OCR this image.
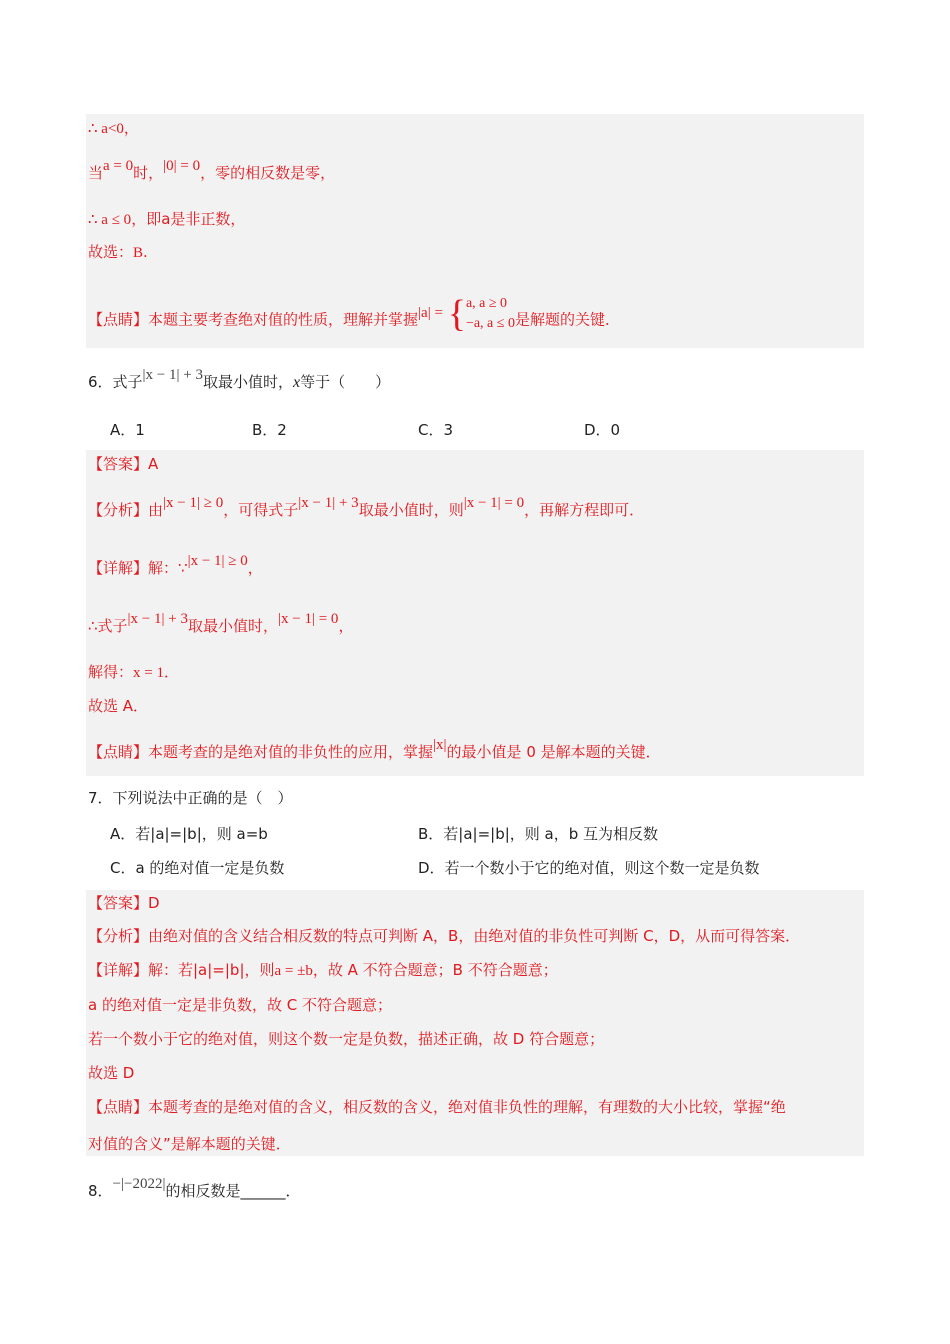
∴ a<0，
当a = 0时，|0| = 0，零的相反数是零，
∴ a ≤ 0，即a是非正数，
故选：B.
【点睛】本题主要考查绝对值的性质，理解并掌握|a| = {a, a ≥ 0
−a, a ≤ 0是解题的关键．
6．式子|x − 1| + 3取最小值时，x等于（　　）
A．1	B．2	C．3	D．0
【答案】A
【分析】由|x − 1| ≥ 0，可得式子|x − 1| + 3取最小值时，则|x − 1| = 0，再解方程即可．
【详解】解：∵|x − 1| ≥ 0，
∴式子|x − 1| + 3取最小值时，|x − 1| = 0，
解得：x = 1．
故选 A．
【点睛】本题考查的是绝对值的非负性的应用，掌握|x|的最小值是 0 是解本题的关键．
7．下列说法中正确的是（　）
A．若|a|=|b|，则 a=b	B．若|a|=|b|，则 a，b 互为相反数
C．a 的绝对值一定是负数	D．若一个数小于它的绝对值，则这个数一定是负数
【答案】D
【分析】由绝对值的含义结合相反数的特点可判断 A，B，由绝对值的非负性可判断 C，D，从而可得答案．
【详解】解：若|a|=|b|，则a = ±b，故 A 不符合题意；B 不符合题意；
a 的绝对值一定是非负数，故 C 不符合题意；
若一个数小于它的绝对值，则这个数一定是负数，描述正确，故 D 符合题意；
故选 D
【点睛】本题考查的是绝对值的含义，相反数的含义，绝对值非负性的理解，有理数的大小比较，掌握“绝
对值的含义”是解本题的关键．
8．−|−2022|的相反数是______．
